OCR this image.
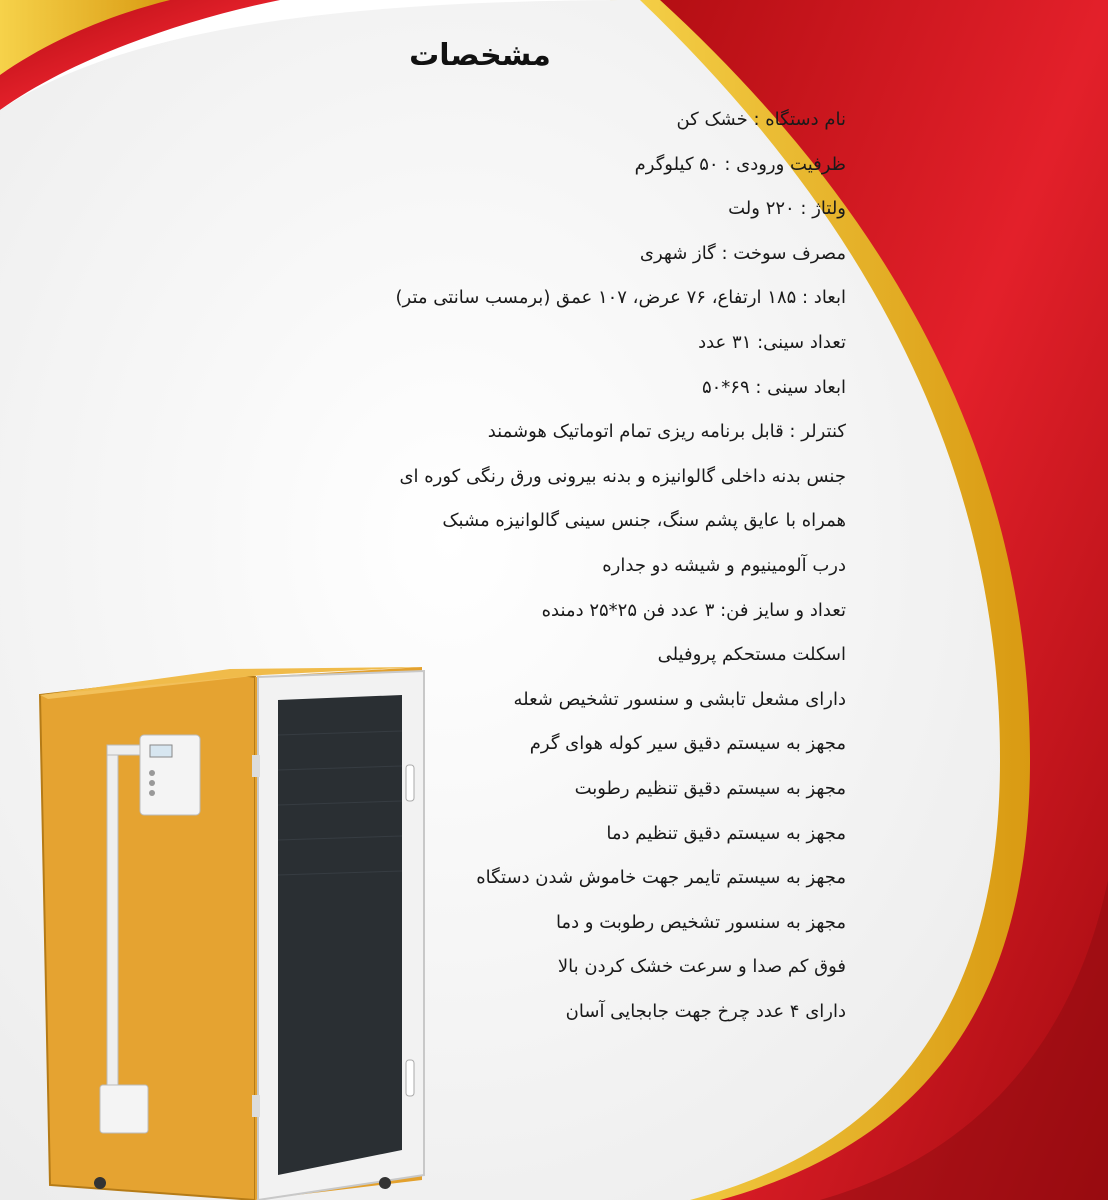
مشخصات
نام دستگاه : خشک کن
ظرفیت ورودی : ۵۰ کیلوگرم
ولتاژ : ۲۲۰ ولت
مصرف سوخت : گاز شهری
ابعاد : ۱۸۵ ارتفاع، ۷۶ عرض، ۱۰۷ عمق (برمسب سانتی متر)
تعداد سینی: ۳۱ عدد
ابعاد سینی : ۶۹*۵۰
کنترلر : قابل برنامه ریزی تمام اتوماتیک هوشمند
جنس بدنه داخلی گالوانیزه و بدنه بیرونی ورق رنگی کوره ای
همراه با عایق پشم سنگ، جنس سینی گالوانیزه مشبک
درب آلومینیوم و شیشه دو جداره
تعداد و سایز فن: ۳ عدد فن ۲۵*۲۵ دمنده
اسکلت مستحکم پروفیلی
دارای مشعل تابشی و سنسور تشخیص شعله
مجهز به سیستم دقیق سیر کوله هوای گرم
مجهز به سیستم دقیق تنظیم رطوبت
مجهز به سیستم دقیق تنظیم دما
مجهز به سیستم تایمر جهت خاموش شدن دستگاه
مجهز به سنسور تشخیص رطوبت و دما
فوق کم صدا و سرعت خشک کردن بالا
دارای ۴ عدد چرخ جهت جابجایی آسان
